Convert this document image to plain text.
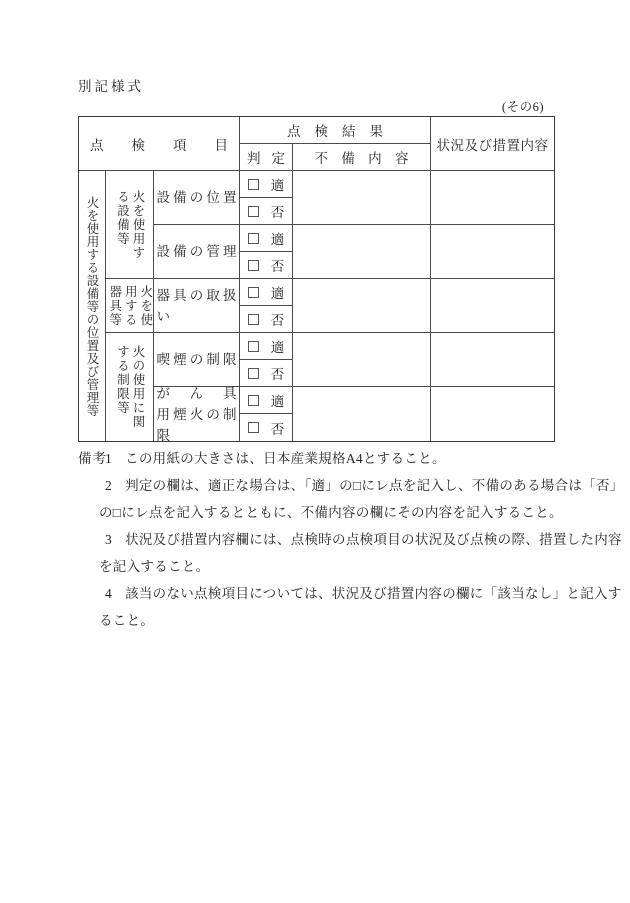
別記様式
(その6)
点検項目
点検結果
判定 不備内容
状況及び措置内容
火を使用する設備等の位置及び管理等	火を使用す
る設備等
火を使
用する
器具等
火の使用に関
する制限等
設備の位置
設備の管理
器具の取扱い
喫煙の制限
がん具
用煙火の制限
適
否
適
否
適
否
適
否
適
否
備考
1 この用紙の大きさは、日本産業規格A4とすること。
2 判定の欄は、適正な場合は、「適」の□にレ点を記入し、不備のある場合は「否」
の□にレ点を記入するとともに、不備内容の欄にその内容を記入すること。
3 状況及び措置内容欄には、点検時の点検項目の状況及び点検の際、措置した内容
を記入すること。
4 該当のない点検項目については、状況及び措置内容の欄に「該当なし」と記入す
ること。
